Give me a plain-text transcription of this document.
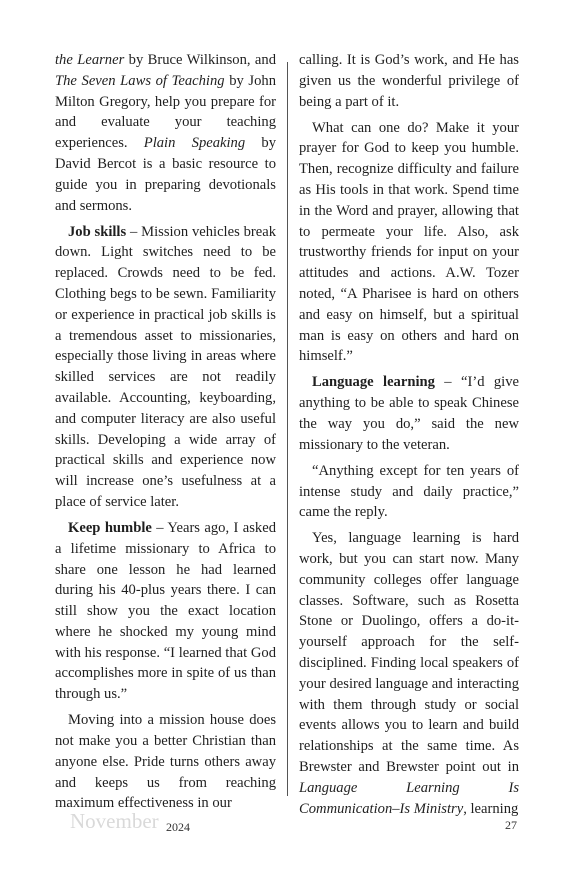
the Learner by Bruce Wilkinson, and The Seven Laws of Teaching by John Milton Gregory, help you prepare for and evaluate your teaching experiences. Plain Speaking by David Bercot is a basic resource to guide you in preparing devotionals and sermons.

Job skills – Mission vehicles break down. Light switches need to be replaced. Crowds need to be fed. Clothing begs to be sewn. Familiarity or experience in practical job skills is a tremendous asset to missionaries, especially those living in areas where skilled services are not readily available. Accounting, keyboarding, and computer literacy are also useful skills. Developing a wide array of practical skills and experience now will increase one’s usefulness at a place of service later.

Keep humble – Years ago, I asked a lifetime missionary to Africa to share one lesson he had learned during his 40-plus years there. I can still show you the exact location where he shocked my young mind with his response. “I learned that God accomplishes more in spite of us than through us.”

Moving into a mission house does not make you a better Christian than anyone else. Pride turns others away and keeps us from reaching maximum effectiveness in our

calling. It is God’s work, and He has given us the wonderful privilege of being a part of it.

What can one do? Make it your prayer for God to keep you humble. Then, recognize difficulty and failure as His tools in that work. Spend time in the Word and prayer, allowing that to permeate your life. Also, ask trustworthy friends for input on your attitudes and actions. A.W. Tozer noted, “A Pharisee is hard on others and easy on himself, but a spiritual man is easy on others and hard on himself.”

Language learning – “I’d give anything to be able to speak Chinese the way you do,” said the new missionary to the veteran.

“Anything except for ten years of intense study and daily practice,” came the reply.

Yes, language learning is hard work, but you can start now. Many community colleges offer language classes. Software, such as Rosetta Stone or Duolingo, offers a do-it-yourself approach for the self-disciplined. Finding local speakers of your desired language and interacting with them through study or social events allows you to learn and build relationships at the same time. As Brewster and Brewster point out in Language Learning Is Communication–Is Ministry, learning

November 2024	27
